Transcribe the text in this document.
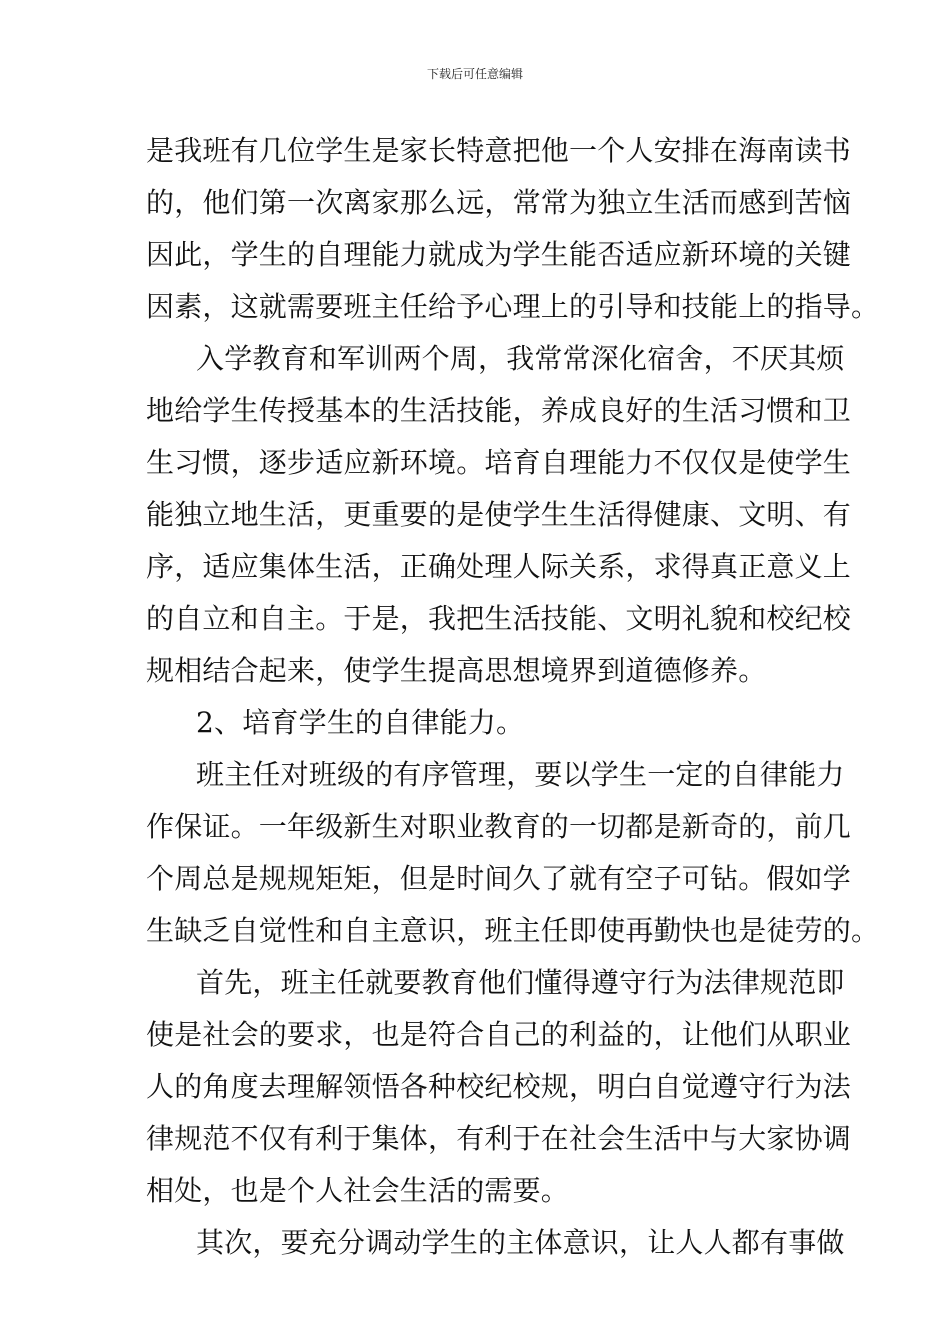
下载后可任意编辑
是我班有几位学生是家长特意把他一个人安排在海南读书
的，他们第一次离家那么远，常常为独立生活而感到苦恼
因此，学生的自理能力就成为学生能否适应新环境的关键
因素，这就需要班主任给予心理上的引导和技能上的指导。
入学教育和军训两个周，我常常深化宿舍，不厌其烦
地给学生传授基本的生活技能，养成良好的生活习惯和卫
生习惯，逐步适应新环境。培育自理能力不仅仅是使学生
能独立地生活，更重要的是使学生生活得健康、文明、有
序，适应集体生活，正确处理人际关系，求得真正意义上
的自立和自主。于是，我把生活技能、文明礼貌和校纪校
规相结合起来，使学生提高思想境界到道德修养。
2、培育学生的自律能力。
班主任对班级的有序管理，要以学生一定的自律能力
作保证。一年级新生对职业教育的一切都是新奇的，前几
个周总是规规矩矩，但是时间久了就有空子可钻。假如学
生缺乏自觉性和自主意识，班主任即使再勤快也是徒劳的。
首先，班主任就要教育他们懂得遵守行为法律规范即
使是社会的要求，也是符合自己的利益的，让他们从职业
人的角度去理解领悟各种校纪校规，明白自觉遵守行为法
律规范不仅有利于集体，有利于在社会生活中与大家协调
相处，也是个人社会生活的需要。
其次，要充分调动学生的主体意识，让人人都有事做
